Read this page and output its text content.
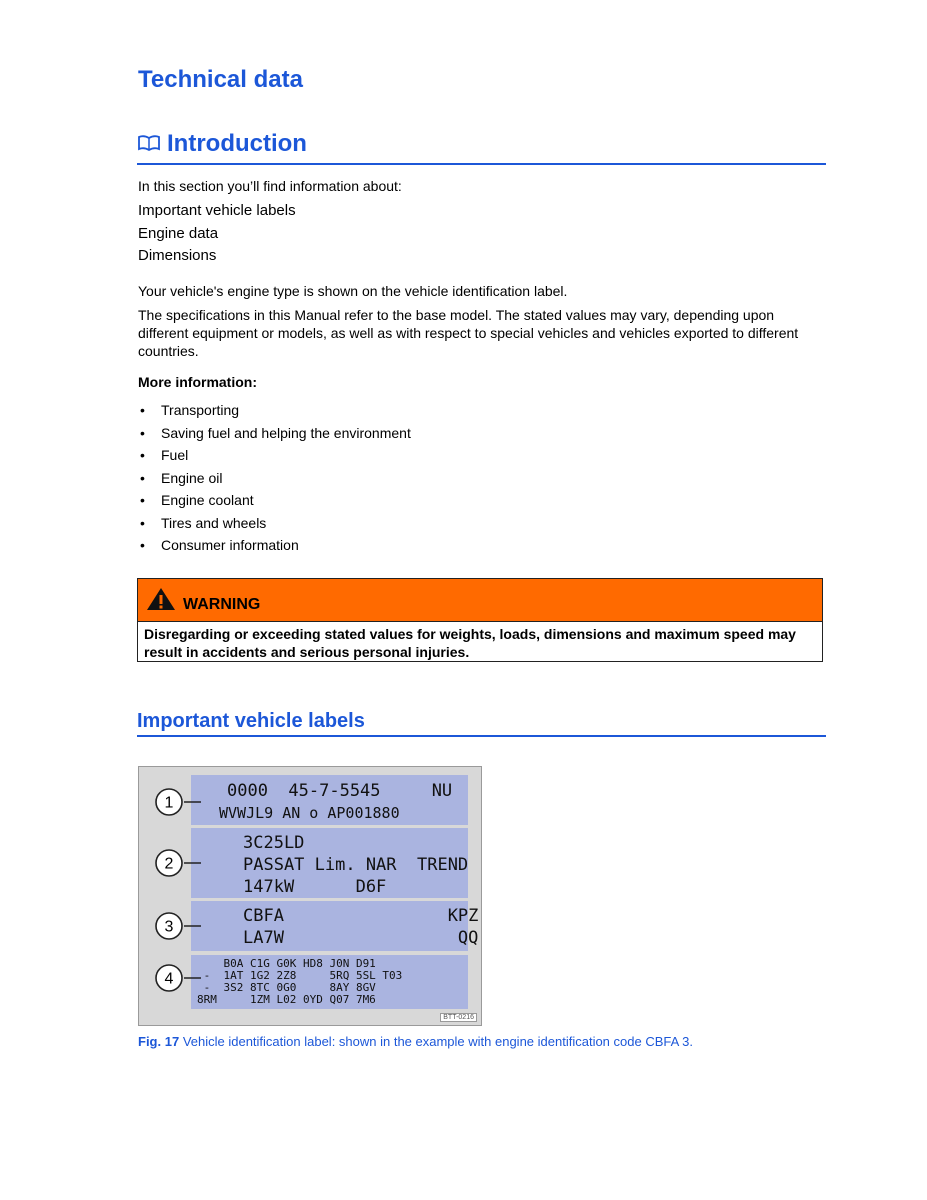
Technical data
Introduction

In this section you’ll find information about:

Important vehicle labels
Engine data
Dimensions

Your vehicle's engine type is shown on the vehicle identification label.

The specifications in this Manual refer to the base model. The stated values may vary, depending upon different equipment or models, as well as with respect to special vehicles and vehicles exported to different countries.

More information:
• Transporting
• Saving fuel and helping the environment
• Fuel
• Engine oil
• Engine coolant
• Tires and wheels
• Consumer information
WARNING
Disregarding or exceeding stated values for weights, loads, dimensions and maximum speed may result in accidents and serious personal injuries.
Important vehicle labels
0000  45-7-5545     NU
WVWJL9 AN o AP001880
3C25LD
PASSAT Lim. NAR  TREND
147kW      D6F
CBFA                KPZ
LA7W                 QQ
B0A C1G G0K HD8 J0N D91
-  1AT 1G2 2Z8     5RQ 5SL T03
-  3S2 8TC 0G0     8AY 8GV
8RM     1ZM L02 0YD Q07 7M6
1
2
3
4
BTT-0216
Fig. 17 Vehicle identification label: shown in the example with engine identification code CBFA 3.
